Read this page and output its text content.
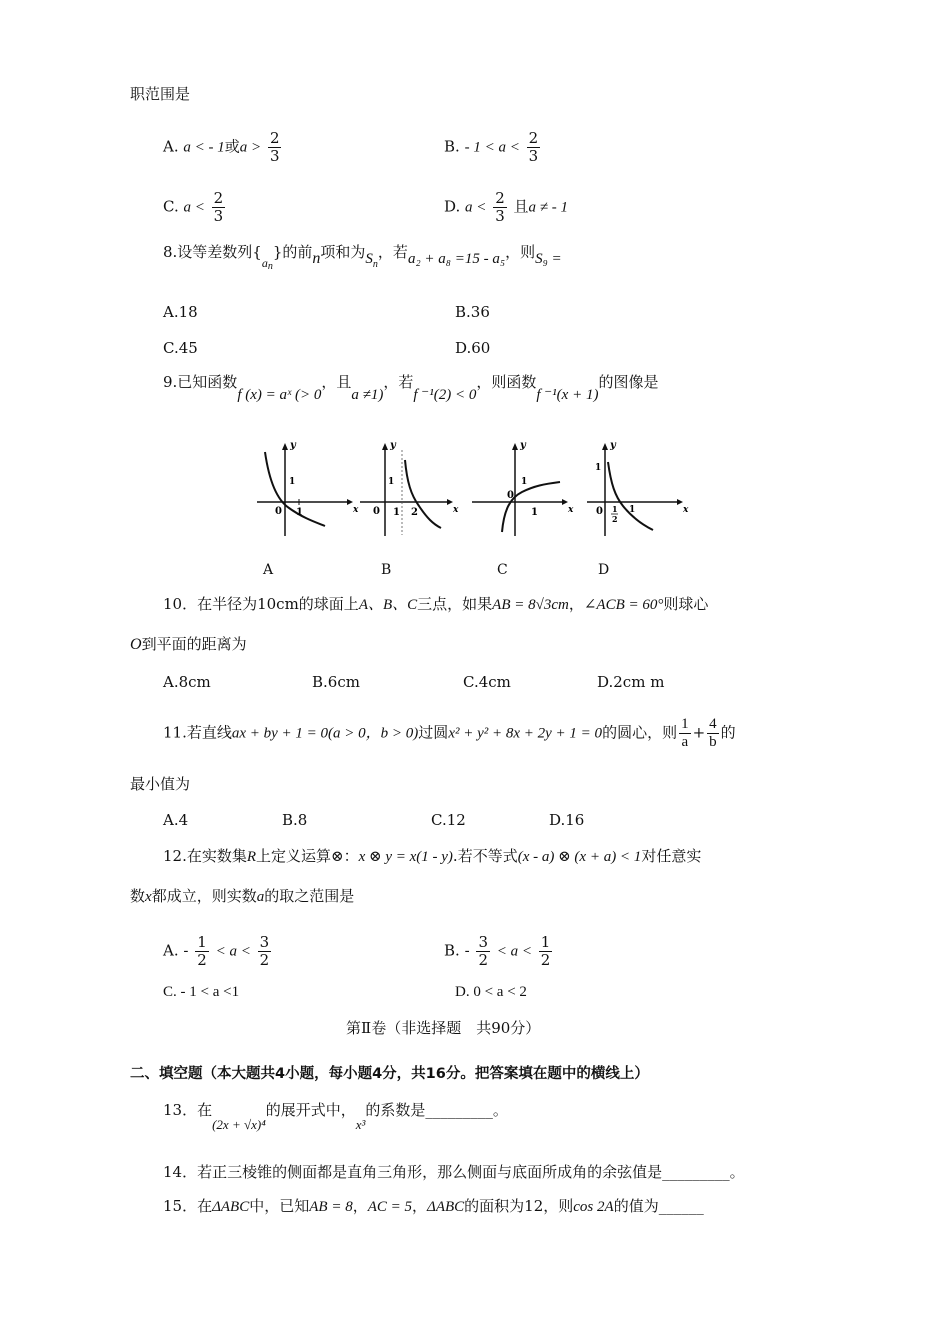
职范围是
A. a < - 1或$a > \frac{2}{3}$	B. - $1 < a < \frac{2}{3}$
C. $a < \frac{2}{3}$	D. $a < \frac{2}{3}$ 且a ≠ - 1
8.设等差数列$\{_{an}\}$的前n项和为$S_n$，若a₂ + a₈ =15 - a₅，则S₉ =
A.18	B.36
C.45	D.60
9.已知函数f (x) = aˣ (> 0，且a ≠1)，若f ⁻¹(2) < 0，则函数f ⁻¹(x + 1)的图像是
y
x
1
0 1
y
x
1
0 1 2
y
x
1
0
1
y
x
1
0 1
2
1
A	B	C	D
10．在半径为10cm的球面上A、B、C三点，如果AB = 8√3cm，∠ACB = 60°则球心
O到平面的距离为
A.8cm	B.6cm	C.4cm	D.2cm m
11.若直线ax + by + 1 = 0(a > 0，b > 0)过圆x² + y² + 8x + 2y + 1 = 0的圆心，则 $\frac{1}{a} + \frac{4}{b}$ 的
最小值为
A.4	B.8	C.12	D.16
12.在实数集R上定义运算⊗：x ⊗ y = x(1 - y).若不等式(x - a) ⊗ (x + a) < 1对任意实
数x都成立，则实数a的取之范围是
A. - $\frac{1}{2} < a < \frac{3}{2}$	B. - $\frac{3}{2} < a < \frac{1}{2}$
C. - 1 < a <1	D. 0 < a < 2
第Ⅱ卷（非选择题　共90分）
二、填空题（本大题共4小题，每小题4分，共16分。把答案填在题中的横线上）
13．在(2x + √x)⁴的展开式中，x³的系数是_________。
14．若正三棱锥的侧面都是直角三角形，那么侧面与底面所成角的余弦值是_________。
15．在ΔABC中，已知AB = 8，AC = 5，ΔABC的面积为12，则cos 2A的值为______
